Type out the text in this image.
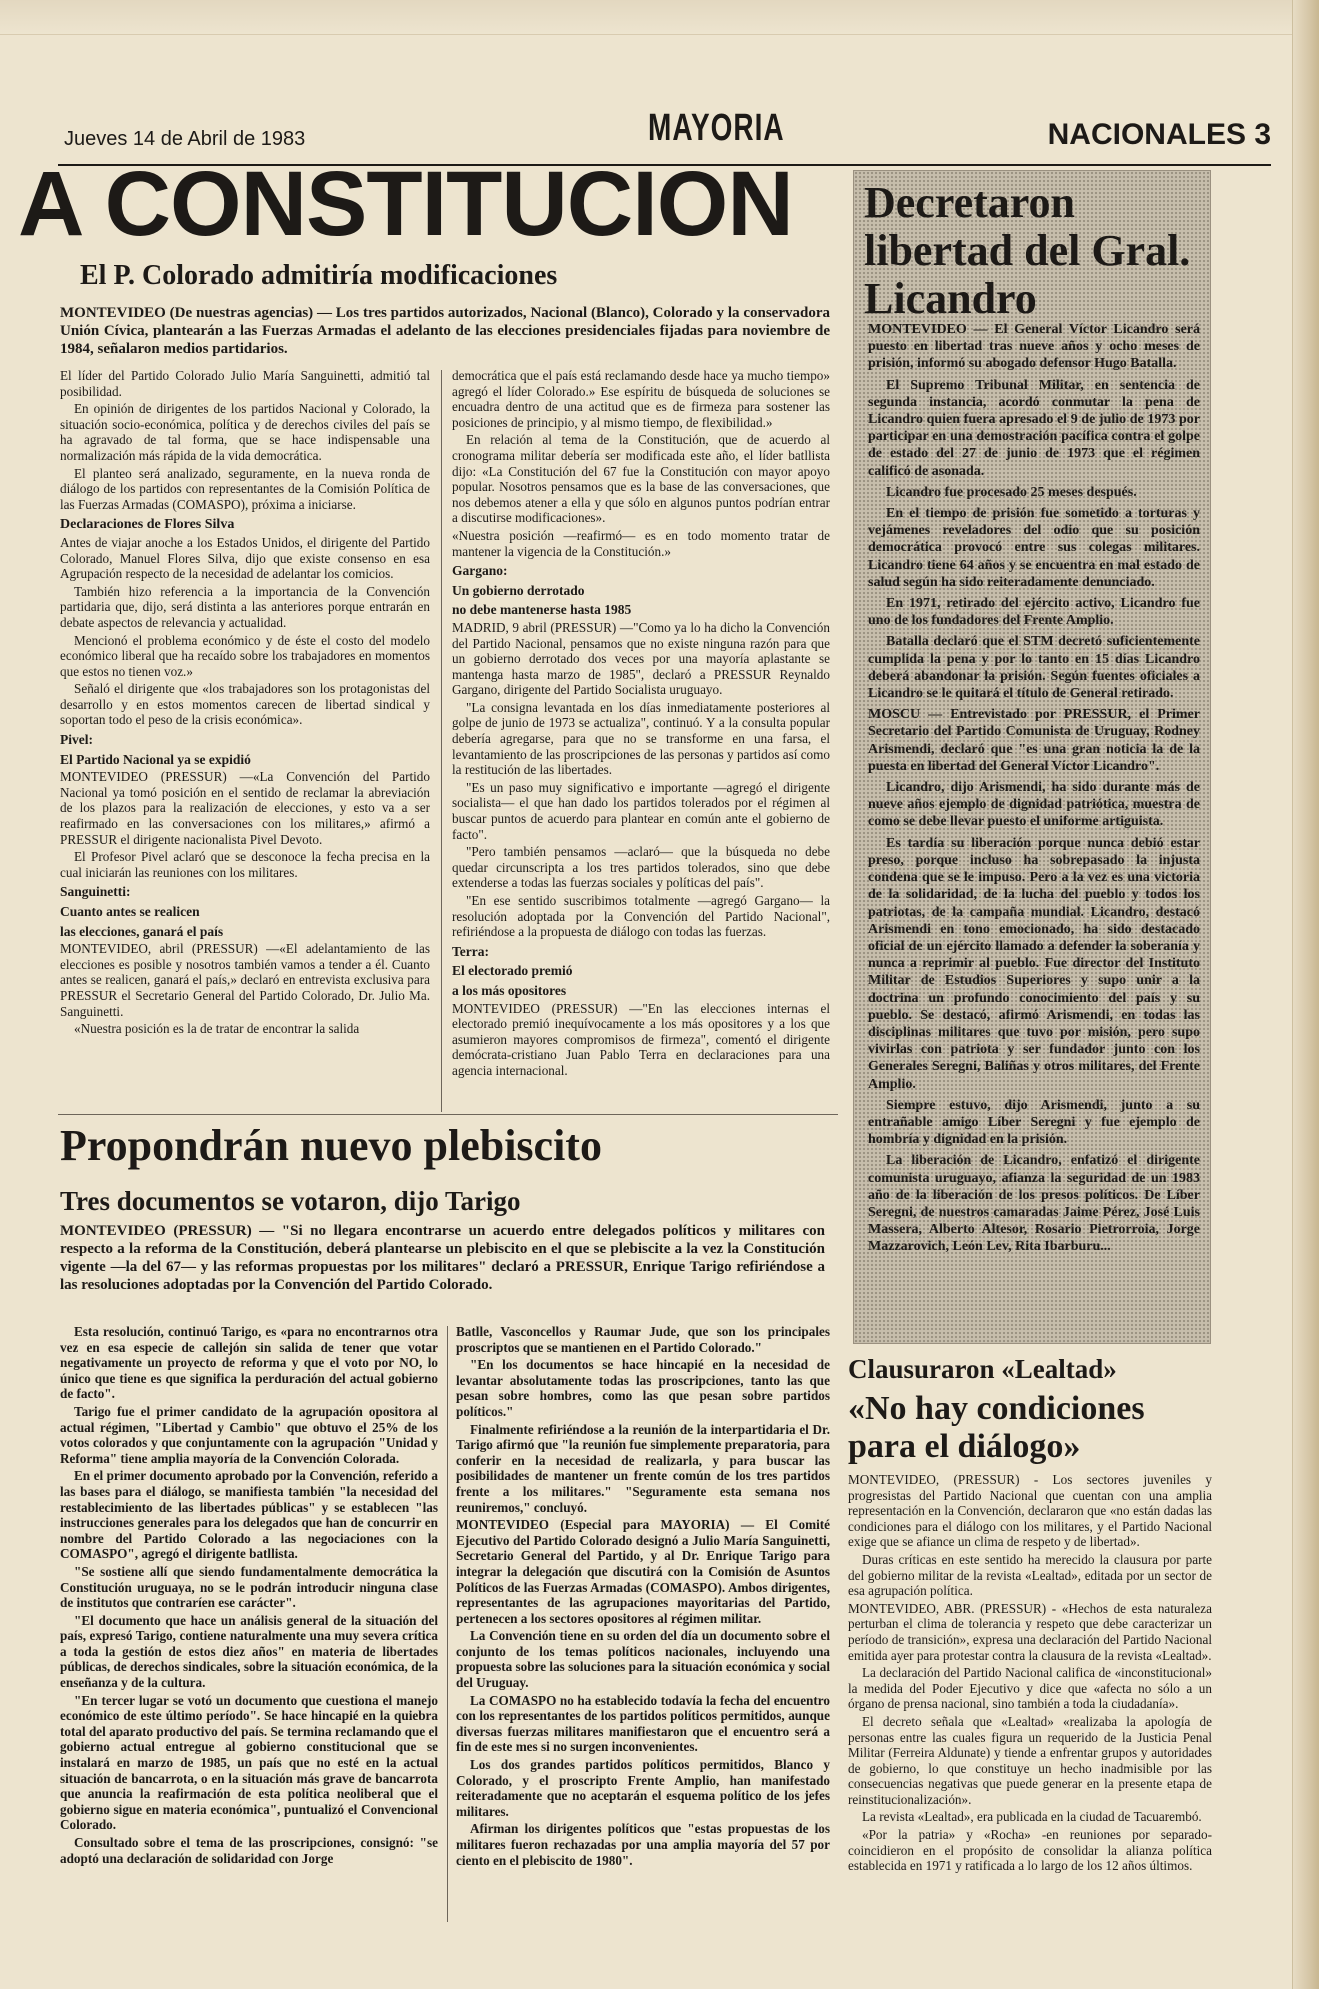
Jueves 14 de Abril de 1983	MAYORIA	NACIONALES 3
A CONSTITUCION
El P. Colorado admitiría modificaciones
MONTEVIDEO (De nuestras agencias) — Los tres partidos autorizados, Nacional (Blanco), Colorado y la conservadora Unión Cívica, plantearán a las Fuerzas Armadas el adelanto de las elecciones presidenciales fijadas para noviembre de 1984, señalaron medios partidarios.

El líder del Partido Colorado Julio María Sanguinetti, admitió tal posibilidad.

En opinión de dirigentes de los partidos Nacional y Colorado, la situación socio-económica, política y de derechos civiles del país se ha agravado de tal forma, que se hace indispensable una normalización más rápida de la vida democrática.

El planteo será analizado, seguramente, en la nueva ronda de diálogo de los partidos con representantes de la Comisión Política de las Fuerzas Armadas (COMASPO), próxima a iniciarse.

Declaraciones de Flores Silva

Antes de viajar anoche a los Estados Unidos, el dirigente del Partido Colorado, Manuel Flores Silva, dijo que existe consenso en esa Agrupación respecto de la necesidad de adelantar los comicios.

También hizo referencia a la importancia de la Convención partidaria que, dijo, será distinta a las anteriores porque entrarán en debate aspectos de relevancia y actualidad.

Mencionó el problema económico y de éste el costo del modelo económico liberal que ha recaído sobre los trabajadores en momentos que estos no tienen voz.»

Señaló el dirigente que «los trabajadores son los protagonistas del desarrollo y en estos momentos carecen de libertad sindical y soportan todo el peso de la crisis económica».

Pivel:
El Partido Nacional ya se expidió

MONTEVIDEO (PRESSUR) —«La Convención del Partido Nacional ya tomó posición en el sentido de reclamar la abreviación de los plazos para la realización de elecciones, y esto va a ser reafirmado en las conversaciones con los militares,» afirmó a PRESSUR el dirigente nacionalista Pivel Devoto.

El Profesor Pivel aclaró que se desconoce la fecha precisa en la cual iniciarán las reuniones con los militares.

Sanguinetti:
Cuanto antes se realicen
las elecciones, ganará el país

MONTEVIDEO, abril (PRESSUR) —«El adelantamiento de las elecciones es posible y nosotros también vamos a tender a él. Cuanto antes se realicen, ganará el país,» declaró en entrevista exclusiva para PRESSUR el Secretario General del Partido Colorado, Dr. Julio Ma. Sanguinetti.

«Nuestra posición es la de tratar de encontrar la salida

democrática que el país está reclamando desde hace ya mucho tiempo» agregó el líder Colorado.» Ese espíritu de búsqueda de soluciones se encuadra dentro de una actitud que es de firmeza para sostener las posiciones de principio, y al mismo tiempo, de flexibilidad.»

En relación al tema de la Constitución, que de acuerdo al cronograma militar debería ser modificada este año, el líder batllista dijo: «La Constitución del 67 fue la Constitución con mayor apoyo popular. Nosotros pensamos que es la base de las conversaciones, que nos debemos atener a ella y que sólo en algunos puntos podrían entrar a discutirse modificaciones».

«Nuestra posición —reafirmó— es en todo momento tratar de mantener la vigencia de la Constitución.»

Gargano:
Un gobierno derrotado
no debe mantenerse hasta 1985

MADRID, 9 abril (PRESSUR) —"Como ya lo ha dicho la Convención del Partido Nacional, pensamos que no existe ninguna razón para que un gobierno derrotado dos veces por una mayoría aplastante se mantenga hasta marzo de 1985", declaró a PRESSUR Reynaldo Gargano, dirigente del Partido Socialista uruguayo.

"La consigna levantada en los días inmediatamente posteriores al golpe de junio de 1973 se actualiza", continuó. Y a la consulta popular debería agregarse, para que no se transforme en una farsa, el levantamiento de las proscripciones de las personas y partidos así como la restitución de las libertades.

"Es un paso muy significativo e importante —agregó el dirigente socialista— el que han dado los partidos tolerados por el régimen al buscar puntos de acuerdo para plantear en común ante el gobierno de facto".

"Pero también pensamos —aclaró— que la búsqueda no debe quedar circunscripta a los tres partidos tolerados, sino que debe extenderse a todas las fuerzas sociales y políticas del país".

"En ese sentido suscribimos totalmente —agregó Gargano— la resolución adoptada por la Convención del Partido Nacional", refiriéndose a la propuesta de diálogo con todas las fuerzas.

Terra:
El electorado premió
a los más opositores

MONTEVIDEO (PRESSUR) —"En las elecciones internas el electorado premió inequívocamente a los más opositores y a los que asumieron mayores compromisos de firmeza", comentó el dirigente demócrata-cristiano Juan Pablo Terra en declaraciones para una agencia internacional.

Decretaron libertad del Gral. Licandro

MONTEVIDEO — El General Víctor Licandro será puesto en libertad tras nueve años y ocho meses de prisión, informó su abogado defensor Hugo Batalla.

El Supremo Tribunal Militar, en sentencia de segunda instancia, acordó conmutar la pena de Licandro quien fuera apresado el 9 de julio de 1973 por participar en una demostración pacífica contra el golpe de estado del 27 de junio de 1973 que el régimen calificó de asonada.

Licandro fue procesado 25 meses después.

En el tiempo de prisión fue sometido a torturas y vejámenes reveladores del odio que su posición democrática provocó entre sus colegas militares. Licandro tiene 64 años y se encuentra en mal estado de salud según ha sido reiteradamente denunciado.

En 1971, retirado del ejército activo, Licandro fue uno de los fundadores del Frente Amplio.

Batalla declaró que el STM decretó suficientemente cumplida la pena y por lo tanto en 15 días Licandro deberá abandonar la prisión. Según fuentes oficiales a Licandro se le quitará el título de General retirado.

MOSCU — Entrevistado por PRESSUR, el Primer Secretario del Partido Comunista de Uruguay, Rodney Arismendi, declaró que "es una gran noticia la de la puesta en libertad del General Víctor Licandro".

Licandro, dijo Arismendi, ha sido durante más de nueve años ejemplo de dignidad patriótica, muestra de como se debe llevar puesto el uniforme artiguista.

Es tardía su liberación porque nunca debió estar preso, porque incluso ha sobrepasado la injusta condena que se le impuso. Pero a la vez es una victoria de la solidaridad, de la lucha del pueblo y todos los patriotas, de la campaña mundial. Licandro, destacó Arismendi en tono emocionado, ha sido destacado oficial de un ejército llamado a defender la soberanía y nunca a reprimir al pueblo. Fue director del Instituto Militar de Estudios Superiores y supo unir a la doctrina un profundo conocimiento del país y su pueblo. Se destacó, afirmó Arismendi, en todas las disciplinas militares que tuvo por misión, pero supo vivirlas con patriota y ser fundador junto con los Generales Seregni, Baliñas y otros militares, del Frente Amplio.

Siempre estuvo, dijo Arismendi, junto a su entrañable amigo Líber Seregni y fue ejemplo de hombría y dignidad en la prisión.

La liberación de Licandro, enfatizó el dirigente comunista uruguayo, afianza la seguridad de un 1983 año de la liberación de los presos políticos. De Líber Seregni, de nuestros camaradas Jaime Pérez, José Luis Massera, Alberto Altesor, Rosario Pietrorroia, Jorge Mazzarovich, León Lev, Rita Ibarburu...

Propondrán nuevo plebiscito
Tres documentos se votaron, dijo Tarigo
MONTEVIDEO (PRESSUR) — "Si no llegara encontrarse un acuerdo entre delegados políticos y militares con respecto a la reforma de la Constitución, deberá plantearse un plebiscito en el que se plebiscite a la vez la Constitución vigente —la del 67— y las reformas propuestas por los militares" declaró a PRESSUR, Enrique Tarigo refiriéndose a las resoluciones adoptadas por la Convención del Partido Colorado.

Esta resolución, continuó Tarigo, es «para no encontrarnos otra vez en esa especie de callejón sin salida de tener que votar negativamente un proyecto de reforma y que el voto por NO, lo único que tiene es que significa la perduración del actual gobierno de facto".

Tarigo fue el primer candidato de la agrupación opositora al actual régimen, "Libertad y Cambio" que obtuvo el 25% de los votos colorados y que conjuntamente con la agrupación "Unidad y Reforma" tiene amplia mayoría de la Convención Colorada.

En el primer documento aprobado por la Convención, referido a las bases para el diálogo, se manifiesta también "la necesidad del restablecimiento de las libertades públicas" y se establecen "las instrucciones generales para los delegados que han de concurrir en nombre del Partido Colorado a las negociaciones con la COMASPO", agregó el dirigente batllista.

"Se sostiene allí que siendo fundamentalmente democrática la Constitución uruguaya, no se le podrán introducir ninguna clase de institutos que contraríen ese carácter".

"El documento que hace un análisis general de la situación del país, expresó Tarigo, contiene naturalmente una muy severa crítica a toda la gestión de estos diez años" en materia de libertades públicas, de derechos sindicales, sobre la situación económica, de la enseñanza y de la cultura.

"En tercer lugar se votó un documento que cuestiona el manejo económico de este último período". Se hace hincapié en la quiebra total del aparato productivo del país. Se termina reclamando que el gobierno actual entregue al gobierno constitucional que se instalará en marzo de 1985, un país que no esté en la actual situación de bancarrota, o en la situación más grave de bancarrota que anuncia la reafirmación de esta política neoliberal que el gobierno sigue en materia económica", puntualizó el Convencional Colorado.

Consultado sobre el tema de las proscripciones, consignó: "se adoptó una declaración de solidaridad con Jorge

Batlle, Vasconcellos y Raumar Jude, que son los principales proscriptos que se mantienen en el Partido Colorado."

"En los documentos se hace hincapié en la necesidad de levantar absolutamente todas las proscripciones, tanto las que pesan sobre hombres, como las que pesan sobre partidos políticos."

Finalmente refiriéndose a la reunión de la interpartidaria el Dr. Tarigo afirmó que "la reunión fue simplemente preparatoria, para conferir en la necesidad de realizarla, y para buscar las posibilidades de mantener un frente común de los tres partidos frente a los militares." "Seguramente esta semana nos reuniremos," concluyó.

MONTEVIDEO (Especial para MAYORIA) — El Comité Ejecutivo del Partido Colorado designó a Julio María Sanguinetti, Secretario General del Partido, y al Dr. Enrique Tarigo para integrar la delegación que discutirá con la Comisión de Asuntos Políticos de las Fuerzas Armadas (COMASPO). Ambos dirigentes, representantes de las agrupaciones mayoritarias del Partido, pertenecen a los sectores opositores al régimen militar.

La Convención tiene en su orden del día un documento sobre el conjunto de los temas políticos nacionales, incluyendo una propuesta sobre las soluciones para la situación económica y social del Uruguay.

La COMASPO no ha establecido todavía la fecha del encuentro con los representantes de los partidos políticos permitidos, aunque diversas fuerzas militares manifiestaron que el encuentro será a fin de este mes si no surgen inconvenientes.

Los dos grandes partidos políticos permitidos, Blanco y Colorado, y el proscripto Frente Amplio, han manifestado reiteradamente que no aceptarán el esquema político de los jefes militares.

Afirman los dirigentes políticos que "estas propuestas de los militares fueron rechazadas por una amplia mayoría del 57 por ciento en el plebiscito de 1980".

Clausuraron «Lealtad»
«No hay condiciones para el diálogo»

MONTEVIDEO, (PRESSUR) - Los sectores juveniles y progresistas del Partido Nacional que cuentan con una amplia representación en la Convención, declararon que «no están dadas las condiciones para el diálogo con los militares, y el Partido Nacional exige que se afiance un clima de respeto y de libertad».

Duras críticas en este sentido ha merecido la clausura por parte del gobierno militar de la revista «Lealtad», editada por un sector de esa agrupación política.

MONTEVIDEO, ABR. (PRESSUR) - «Hechos de esta naturaleza perturban el clima de tolerancia y respeto que debe caracterizar un período de transición», expresa una declaración del Partido Nacional emitida ayer para protestar contra la clausura de la revista «Lealtad».

La declaración del Partido Nacional califica de «inconstitucional» la medida del Poder Ejecutivo y dice que «afecta no sólo a un órgano de prensa nacional, sino también a toda la ciudadanía».

El decreto señala que «Lealtad» «realizaba la apología de personas entre las cuales figura un requerido de la Justicia Penal Militar (Ferreira Aldunate) y tiende a enfrentar grupos y autoridades de gobierno, lo que constituye un hecho inadmisible por las consecuencias negativas que puede generar en la presente etapa de reinstitucionalización».

La revista «Lealtad», era publicada en la ciudad de Tacuarembó.

«Por la patria» y «Rocha» -en reuniones por separado- coincidieron en el propósito de consolidar la alianza política establecida en 1971 y ratificada a lo largo de los 12 años últimos.
